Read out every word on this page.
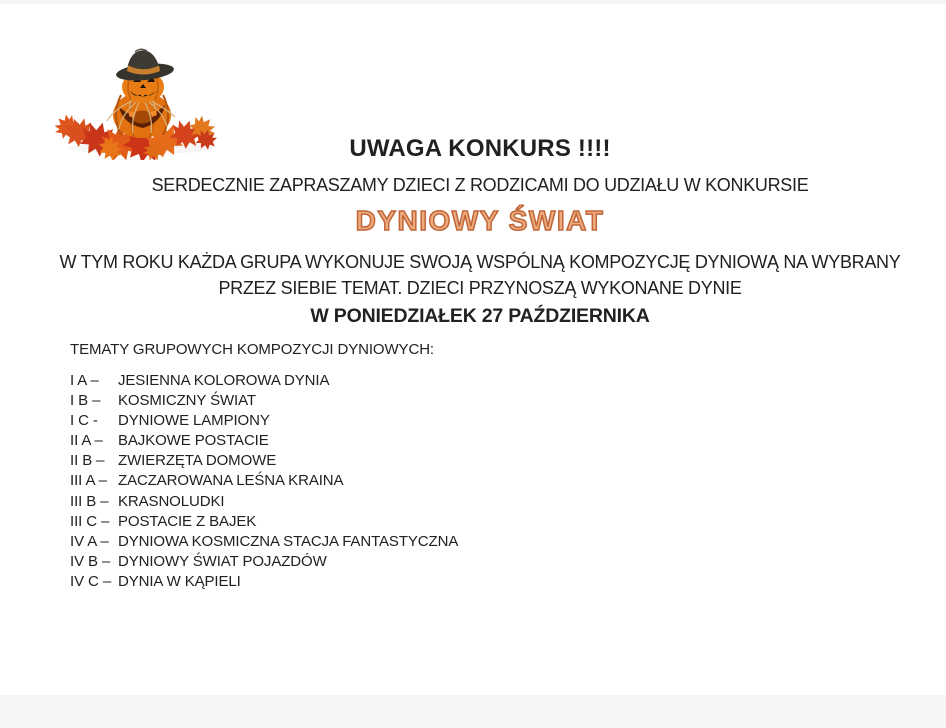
UWAGA KONKURS !!!!

SERDECZNIE ZAPRASZAMY DZIECI Z RODZICAMI DO UDZIAŁU W KONKURSIE

DYNIOWY ŚWIAT

W TYM ROKU KAŻDA GRUPA WYKONUJE SWOJĄ WSPÓLNĄ KOMPOZYCJĘ DYNIOWĄ NA WYBRANY
PRZEZ SIEBIE TEMAT. DZIECI PRZYNOSZĄ WYKONANE DYNIE

W PONIEDZIAŁEK 27 PAŹDZIERNIKA

TEMATY GRUPOWYCH KOMPOZYCJI DYNIOWYCH:

I A –	JESIENNA KOLOROWA DYNIA
I B –	KOSMICZNY ŚWIAT
I C -	DYNIOWE LAMPIONY
II A –	BAJKOWE POSTACIE
II B – ZWIERZĘTA DOMOWE
III A – ZACZAROWANA LEŚNA KRAINA
III B – KRASNOLUDKI
III C – POSTACIE Z BAJEK
IV A – DYNIOWA KOSMICZNA STACJA FANTASTYCZNA
IV B – DYNIOWY ŚWIAT POJAZDÓW
IV C – DYNIA W KĄPIELI
